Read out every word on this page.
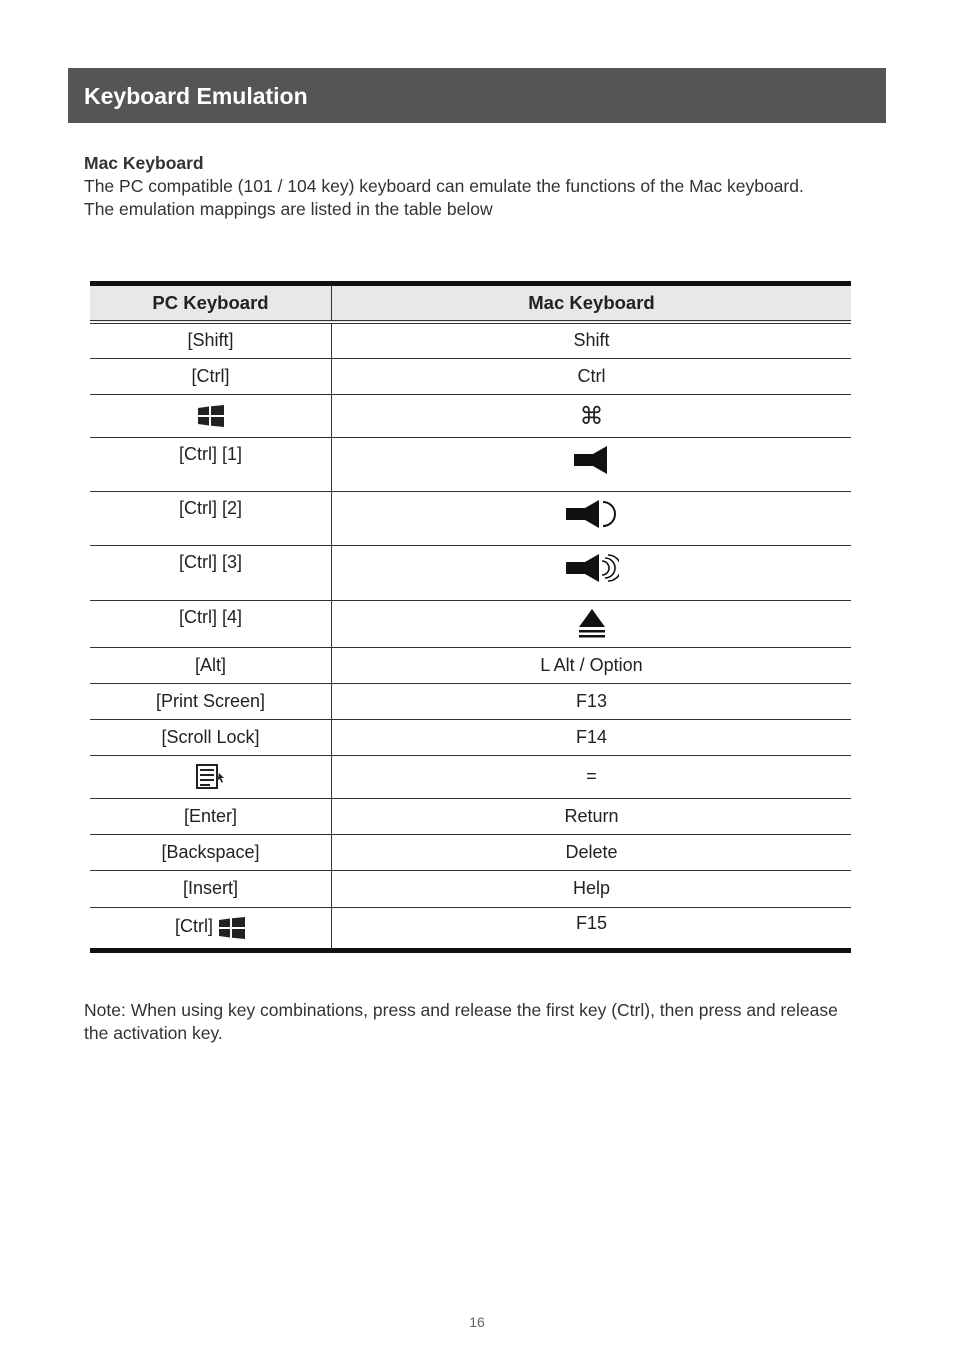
Keyboard Emulation

Mac Keyboard

The PC compatible (101 / 104 key) keyboard can emulate the functions of the Mac keyboard.

The emulation mappings are listed in the table below

PC Keyboard	Mac Keyboard
[Shift]	Shift
[Ctrl]	Ctrl
	⌘
[Ctrl] [1]	
[Ctrl] [2]	
[Ctrl] [3]	
[Ctrl] [4]	
[Alt]	L Alt / Option
[Print Screen]	F13
[Scroll Lock]	F14
	=
[Enter]	Return
[Backspace]	Delete
[Insert]	Help
[Ctrl]	F15

Note: When using key combinations, press and release the first key (Ctrl), then press and release the activation key.

16
